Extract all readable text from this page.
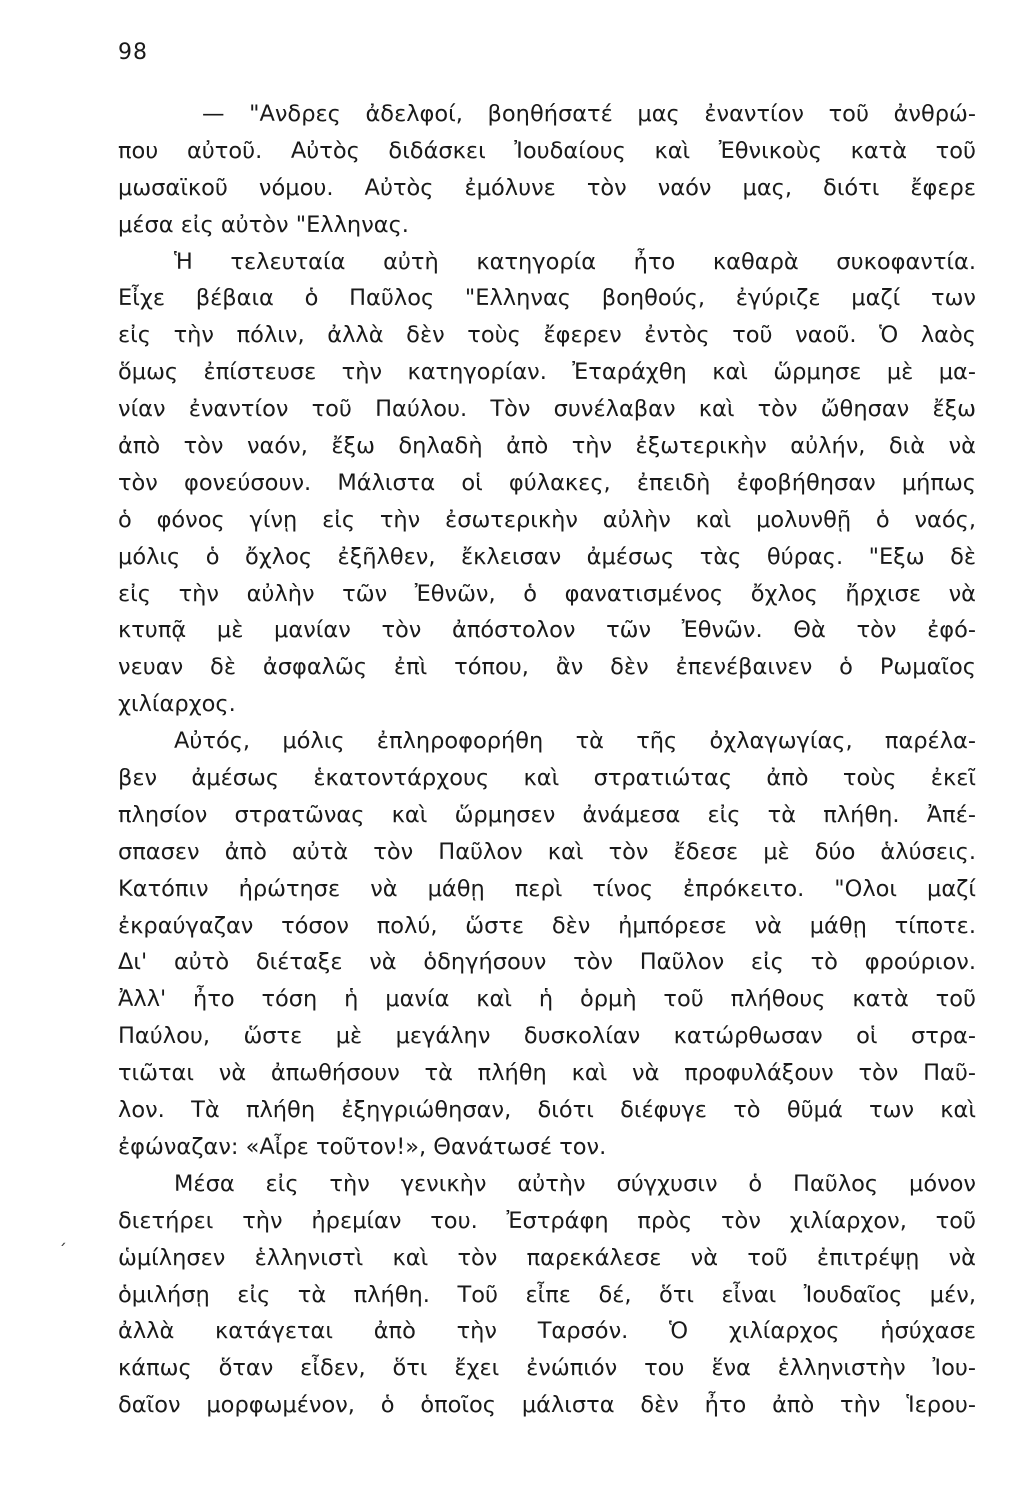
98
— "Ανδρες ἀδελφοί, βοηθήσατέ μας ἐναντίον τοῦ ἀνθρώ-
που αὐτοῦ. Αὐτὸς διδάσκει Ἰουδαίους καὶ Ἐθνικοὺς κατὰ τοῦ
μωσαϊκοῦ νόμου. Αὐτὸς ἐμόλυνε τὸν ναόν μας, διότι ἔφερε
μέσα εἰς αὐτὸν "Ελληνας.
Ἡ τελευταία αὐτὴ κατηγορία ἦτο καθαρὰ συκοφαντία.
Εἶχε βέβαια ὁ Παῦλος "Ελληνας βοηθούς, ἐγύριζε μαζί των
εἰς τὴν πόλιν, ἀλλὰ δὲν τοὺς ἔφερεν ἐντὸς τοῦ ναοῦ. Ὁ λαὸς
ὅμως ἐπίστευσε τὴν κατηγορίαν. Ἐταράχθη καὶ ὥρμησε μὲ μα-
νίαν ἐναντίον τοῦ Παύλου. Τὸν συνέλαβαν καὶ τὸν ὤθησαν ἔξω
ἀπὸ τὸν ναόν, ἔξω δηλαδὴ ἀπὸ τὴν ἐξωτερικὴν αὐλήν, διὰ νὰ
τὸν φονεύσουν. Μάλιστα οἱ φύλακες, ἐπειδὴ ἐφοβήθησαν μήπως
ὁ φόνος γίνῃ εἰς τὴν ἐσωτερικὴν αὐλὴν καὶ μολυνθῇ ὁ ναός,
μόλις ὁ ὄχλος ἐξῆλθεν, ἔκλεισαν ἀμέσως τὰς θύρας. "Εξω δὲ
εἰς τὴν αὐλὴν τῶν Ἐθνῶν, ὁ φανατισμένος ὄχλος ἤρχισε νὰ
κτυπᾷ μὲ μανίαν τὸν ἀπόστολον τῶν Ἐθνῶν. Θὰ τὸν ἐφό-
νευαν δὲ ἀσφαλῶς ἐπὶ τόπου, ἂν δὲν ἐπενέβαινεν ὁ Ρωμαῖος
χιλίαρχος.
Αὐτός, μόλις ἐπληροφορήθη τὰ τῆς ὀχλαγωγίας, παρέλα-
βεν ἀμέσως ἑκατοντάρχους καὶ στρατιώτας ἀπὸ τοὺς ἐκεῖ
πλησίον στρατῶνας καὶ ὥρμησεν ἀνάμεσα εἰς τὰ πλήθη. Ἀπέ-
σπασεν ἀπὸ αὐτὰ τὸν Παῦλον καὶ τὸν ἔδεσε μὲ δύο ἁλύσεις.
Κατόπιν ἠρώτησε νὰ μάθῃ περὶ τίνος ἐπρόκειτο. "Ολοι μαζί
ἐκραύγαζαν τόσον πολύ, ὥστε δὲν ἠμπόρεσε νὰ μάθῃ τίποτε.
Δι' αὐτὸ διέταξε νὰ ὁδηγήσουν τὸν Παῦλον εἰς τὸ φρούριον.
Ἀλλ' ἦτο τόση ἡ μανία καὶ ἡ ὁρμὴ τοῦ πλήθους κατὰ τοῦ
Παύλου, ὥστε μὲ μεγάλην δυσκολίαν κατώρθωσαν οἱ στρα-
τιῶται νὰ ἀπωθήσουν τὰ πλήθη καὶ νὰ προφυλάξουν τὸν Παῦ-
λον. Τὰ πλήθη ἐξηγριώθησαν, διότι διέφυγε τὸ θῦμά των καὶ
ἐφώναζαν: «Αἶρε τοῦτον!», Θανάτωσέ τον.
Μέσα εἰς τὴν γενικὴν αὐτὴν σύγχυσιν ὁ Παῦλος μόνον
διετήρει τὴν ἠρεμίαν του. Ἐστράφη πρὸς τὸν χιλίαρχον, τοῦ
ὡμίλησεν ἑλληνιστὶ καὶ τὸν παρεκάλεσε νὰ τοῦ ἐπιτρέψῃ νὰ
ὁμιλήσῃ εἰς τὰ πλήθη. Τοῦ εἶπε δέ, ὅτι εἶναι Ἰουδαῖος μέν,
ἀλλὰ κατάγεται ἀπὸ τὴν Ταρσόν. Ὁ χιλίαρχος ἡσύχασε
κάπως ὅταν εἶδεν, ὅτι ἔχει ἐνώπιόν του ἕνα ἑλληνιστὴν Ἰου-
δαῖον μορφωμένον, ὁ ὁποῖος μάλιστα δὲν ἦτο ἀπὸ τὴν Ἱερου-
ˏ
